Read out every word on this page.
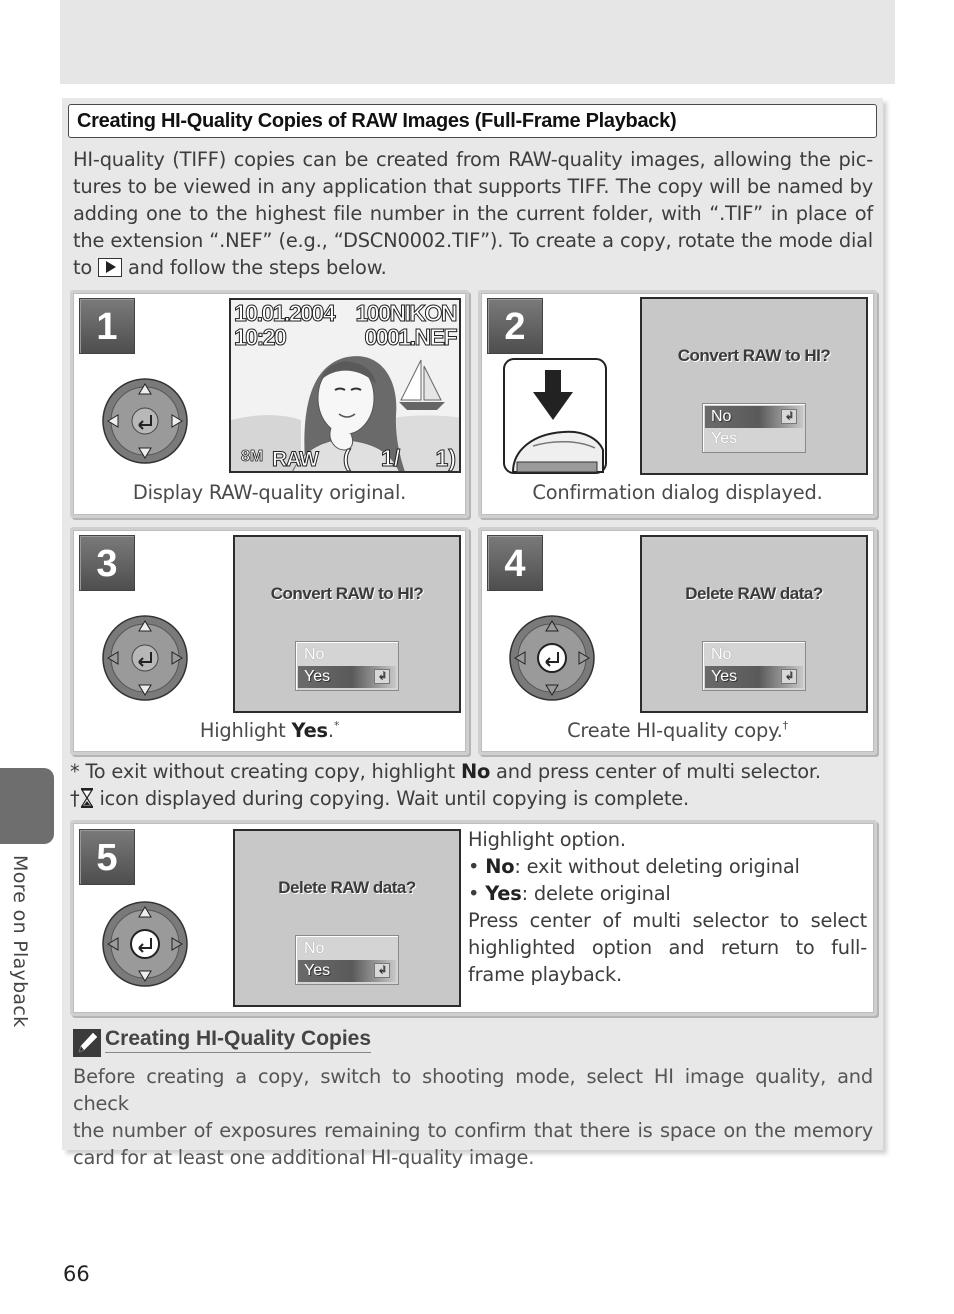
Creating HI-Quality Copies of RAW Images (Full-Frame Playback)

HI-quality (TIFF) copies can be created from RAW-quality images, allowing the pic-

tures to be viewed in any application that supports TIFF. The copy will be named by

adding one to the highest file number in the current folder, with “.TIF” in place of

the extension “.NEF” (e.g., “DSCN0002.TIF”). To create a copy, rotate the mode dial

to and follow the steps below.

1	10.01.2004
10:20
100NIKON
0001.NEF
8M RAW ( 1/ 1)
Display RAW-quality original.
2
Convert RAW to HI?
No	↲
Yes
Confirmation dialog displayed.
3
Convert RAW to HI?
No
Yes	↲
Highlight Yes.*
4
Delete RAW data?
No
Yes	↲
Create HI-quality copy.†
* To exit without creating copy, highlight No and press center of multi selector.
† icon displayed during copying. Wait until copying is complete.
5
Delete RAW data?
No
Yes	↲
Highlight option.
• No: exit without deleting original
• Yes: delete original
Press center of multi selector to select
highlighted option and return to full-
frame playback.
Creating HI-Quality Copies

Before creating a copy, switch to shooting mode, select HI image quality, and check

the number of exposures remaining to confirm that there is space on the memory

card for at least one additional HI-quality image.

More on Playback
66
